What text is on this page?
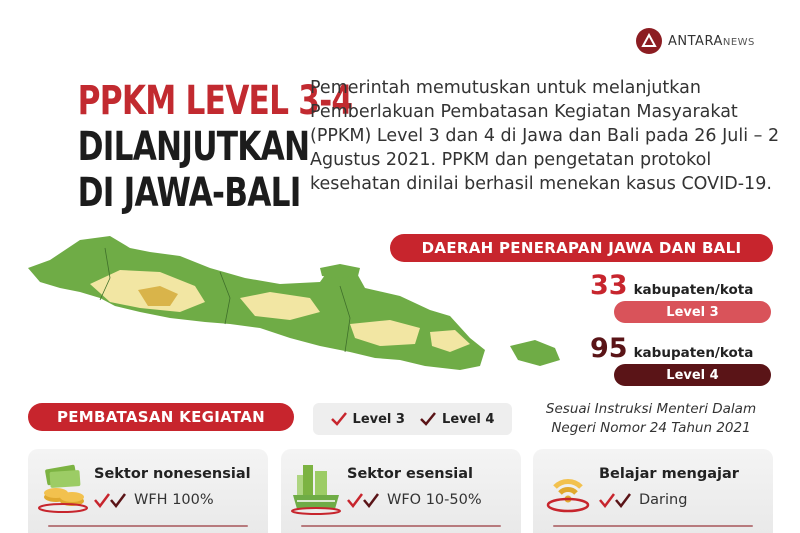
ANTARANEWS
PPKM LEVEL 3-4
DILANJUTKAN
DI JAWA-BALI
Pemerintah memutuskan untuk melanjutkan Pemberlakuan Pembatasan Kegiatan Masyarakat (PPKM) Level 3 dan 4 di Jawa dan Bali pada 26 Juli – 2 Agustus 2021. PPKM dan pengetatan protokol kesehatan dinilai berhasil menekan kasus COVID-19.
DAERAH PENERAPAN JAWA DAN BALI
33 kabupaten/kota
Level 3
95 kabupaten/kota
Level 4
PEMBATASAN KEGIATAN	Level 3	Level 4
Sesuai Instruksi Menteri Dalam Negeri Nomor 24 Tahun 2021
Sektor nonesensial
WFH 100%
Sektor esensial
WFO 10-50%
Belajar mengajar
Daring
